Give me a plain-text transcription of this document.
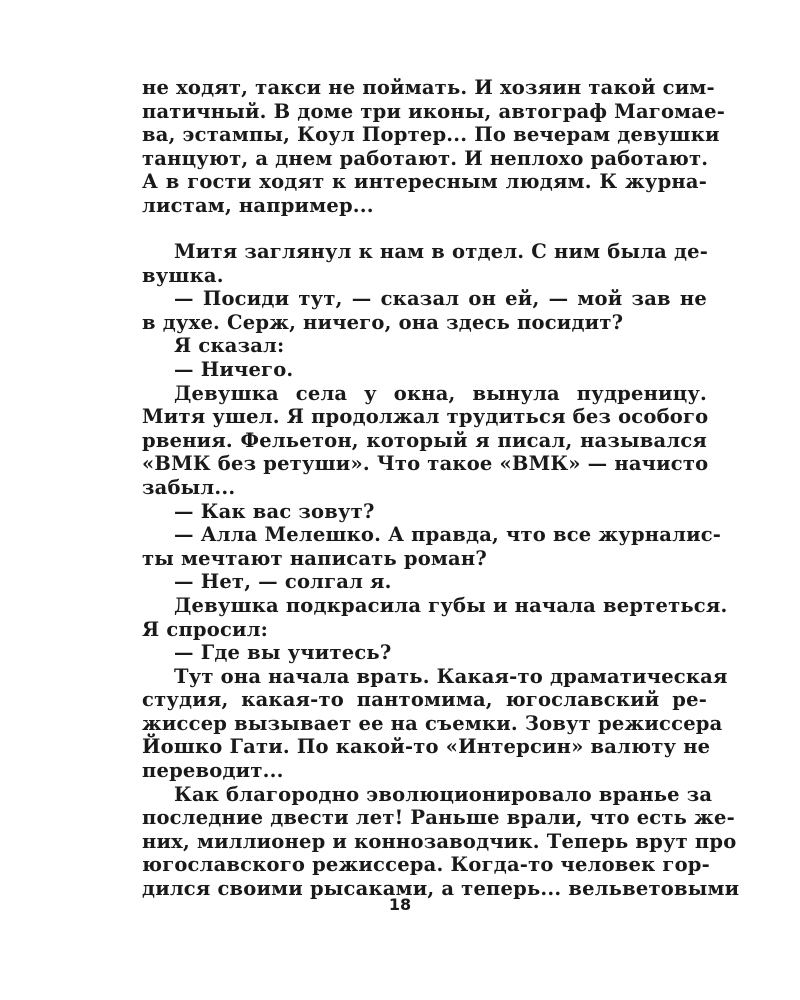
не ходят, такси не поймать. И хозяин такой сим-
патичный. В доме три иконы, автограф Магомае-
ва, эстампы, Коул Портер... По вечерам девушки
танцуют, а днем работают. И неплохо работают.
А в гости ходят к интересным людям. К журна-
листам, например...
Митя заглянул к нам в отдел. С ним была де-
вушка.
— Посиди тут, — сказал он ей, — мой зав не
в духе. Серж, ничего, она здесь посидит?
Я сказал:
— Ничего.
Девушка села у окна, вынула пудреницу.
Митя ушел. Я продолжал трудиться без особого
рвения. Фельетон, который я писал, назывался
«ВМК без ретуши». Что такое «ВМК» — начисто
забыл...
— Как вас зовут?
— Алла Мелешко. А правда, что все журналис-
ты мечтают написать роман?
— Нет, — солгал я.
Девушка подкрасила губы и начала вертеться.
Я спросил:
— Где вы учитесь?
Тут она начала врать. Какая-то драматическая
студия, какая-то пантомима, югославский ре-
жиссер вызывает ее на съемки. Зовут режиссера
Йошко Гати. По какой-то «Интерсин» валюту не
переводит...
Как благородно эволюционировало вранье за
последние двести лет! Раньше врали, что есть же-
них, миллионер и коннозаводчик. Теперь врут про
югославского режиссера. Когда-то человек гор-
дился своими рысаками, а теперь... вельветовыми
18
